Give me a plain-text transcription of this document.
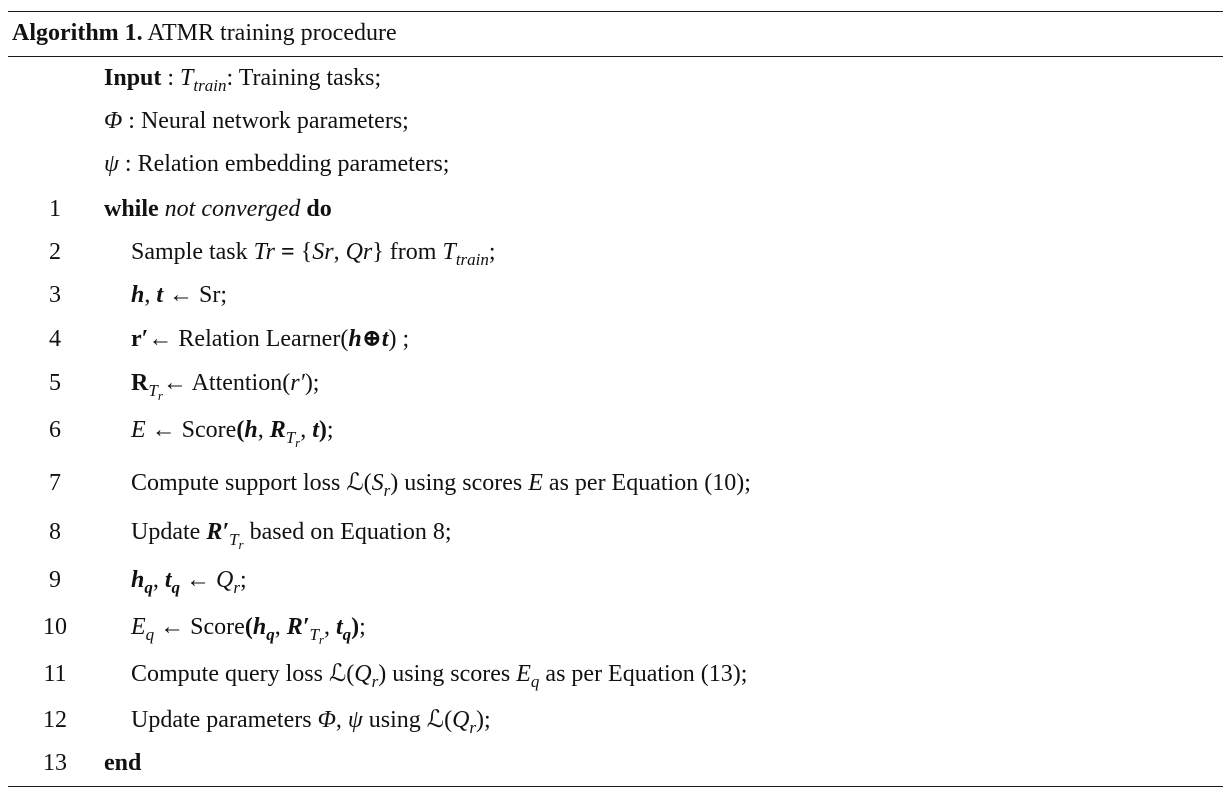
Algorithm 1. ATMR training procedure
Input : $T_{train}$: Training tasks;
Φ : Neural network parameters;
ψ : Relation embedding parameters;
1	while not converged do
2	Sample task Tr = {Sr, Qr} from $T_{train}$;
3	h, t ← Sr;
4	r′← Relation Learner(h⊕t) ;
5	$R_{T_r}\leftarrow$ Attention(r′);
6	E ← Score(h, $R_{T_r}$, t);
7	Compute support loss $ℒ(S_r)$ using scores E as per Equation (10);
8	Update $R'_{T_r}$ based on Equation 8;
9	$h_q$, $t_q$ ← $Q_r$;
10	$E_q$ ← $Score(h_q$, $R'_{T_r}$, $t_q$);
11	Compute query loss $ℒ(Q_r)$ using scores $E_q$ as per Equation (13);
12	Update parameters Φ, ψ using $ℒ(Q_r)$;
13	end
